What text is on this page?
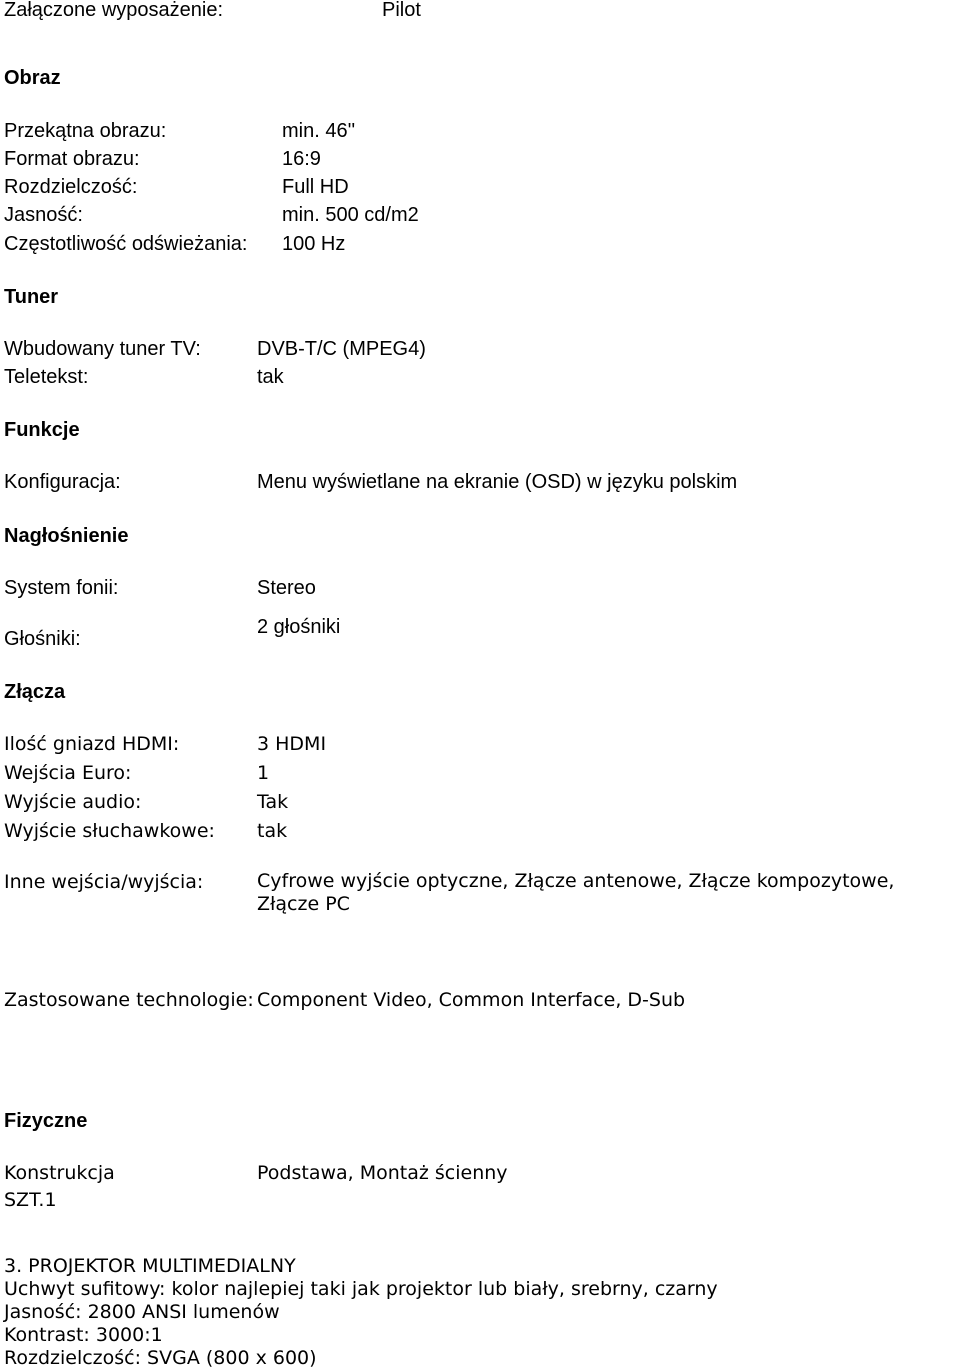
Załączone wyposażenie:	Pilot
Obraz
Przekątna obrazu:	min. 46''
Format obrazu:	16:9
Rozdzielczość:	Full HD
Jasność:	min. 500 cd/m2
Częstotliwość odświeżania: 100 Hz
Tuner
Wbudowany tuner TV:	DVB-T/C (MPEG4)
Teletekst:	tak
Funkcje
Konfiguracja:	Menu wyświetlane na ekranie (OSD) w języku polskim
Nagłośnienie
System fonii:	Stereo
Głośniki:
2 głośniki
Złącza
Ilość gniazd HDMI:	3 HDMI
Wejścia Euro:	1
Wyjście audio:	Tak
Wyjście słuchawkowe: tak
Inne wejścia/wyjścia:	Cyfrowe wyjście optyczne, Złącze antenowe, Złącze kompozytowe, Złącze PC
Zastosowane technologie: Component Video, Common Interface, D-Sub
Fizyczne
Konstrukcja	Podstawa, Montaż ścienny
SZT.1
3. PROJEKTOR MULTIMEDIALNY
Uchwyt sufitowy: kolor najlepiej taki jak projektor lub biały, srebrny, czarny
Jasność: 2800 ANSI lumenów
Kontrast: 3000:1
Rozdzielczość: SVGA (800 x 600)
